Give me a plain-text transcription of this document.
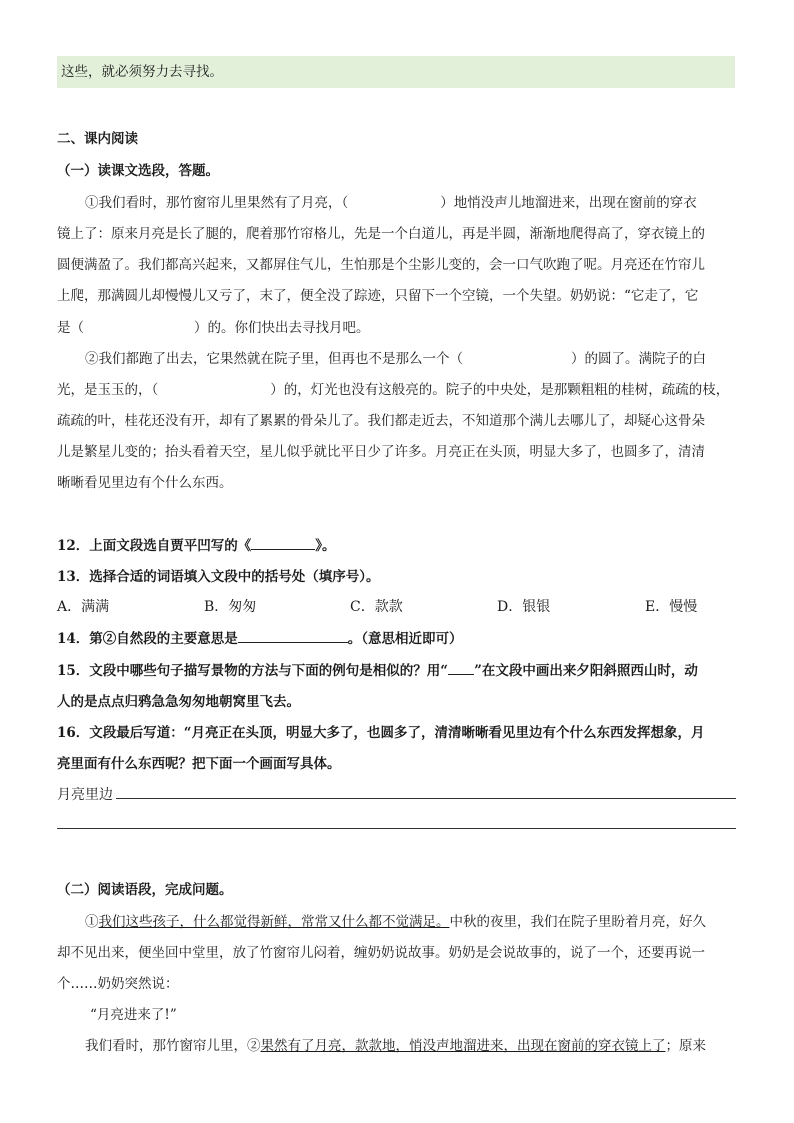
这些，就必须努力去寻找。
二、课内阅读
（一）读课文选段，答题。
①我们看时，那竹窗帘儿里果然有了月亮，（	）地悄没声儿地溜进来，出现在窗前的穿衣
镜上了：原来月亮是长了腿的，爬着那竹帘格儿，先是一个白道儿，再是半圆，渐渐地爬得高了，穿衣镜上的
圆便满盈了。我们都高兴起来，又都屏住气儿，生怕那是个尘影儿变的，会一口气吹跑了呢。月亮还在竹帘儿
上爬，那满圆儿却慢慢儿又亏了，末了，便全没了踪迹，只留下一个空镜，一个失望。奶奶说：“它走了，它
是（	）的。你们快出去寻找月吧。
②我们都跑了出去，它果然就在院子里，但再也不是那么一个（	）的圆了。满院子的白
光，是玉玉的，（	）的，灯光也没有这般亮的。院子的中央处，是那颗粗粗的桂树，疏疏的枝，
疏疏的叶，桂花还没有开，却有了累累的骨朵儿了。我们都走近去，不知道那个满儿去哪儿了，却疑心这骨朵
儿是繁星儿变的；抬头看着天空，星儿似乎就比平日少了许多。月亮正在头顶，明显大多了，也圆多了，清清
晰晰看见里边有个什么东西。
12．上面文段选自贾平凹写的《	》。
13．选择合适的词语填入文段中的括号处（填序号）。
A．满满	B．匆匆	C．款款	D．银银	E．慢慢
14．第②自然段的主要意思是	。（意思相近即可）
15．文段中哪些句子描写景物的方法与下面的例句是相似的？用“ ”在文段中画出来夕阳斜照西山时，动
人的是点点归鸦急急匆匆地朝窝里飞去。
16．文段最后写道：“月亮正在头顶，明显大多了，也圆多了，清清晰晰看见里边有个什么东西发挥想象，月
亮里面有什么东西呢？把下面一个画面写具体。
月亮里边
（二）阅读语段，完成问题。
①我们这些孩子，什么都觉得新鲜，常常又什么都不觉满足。中秋的夜里，我们在院子里盼着月亮，好久
却不见出来，便坐回中堂里，放了竹窗帘儿闷着，缠奶奶说故事。奶奶是会说故事的，说了一个，还要再说一
个……奶奶突然说：
“月亮进来了!”
我们看时，那竹窗帘儿里，②果然有了月亮，款款地，悄没声地溜进来，出现在窗前的穿衣镜上了；原来
